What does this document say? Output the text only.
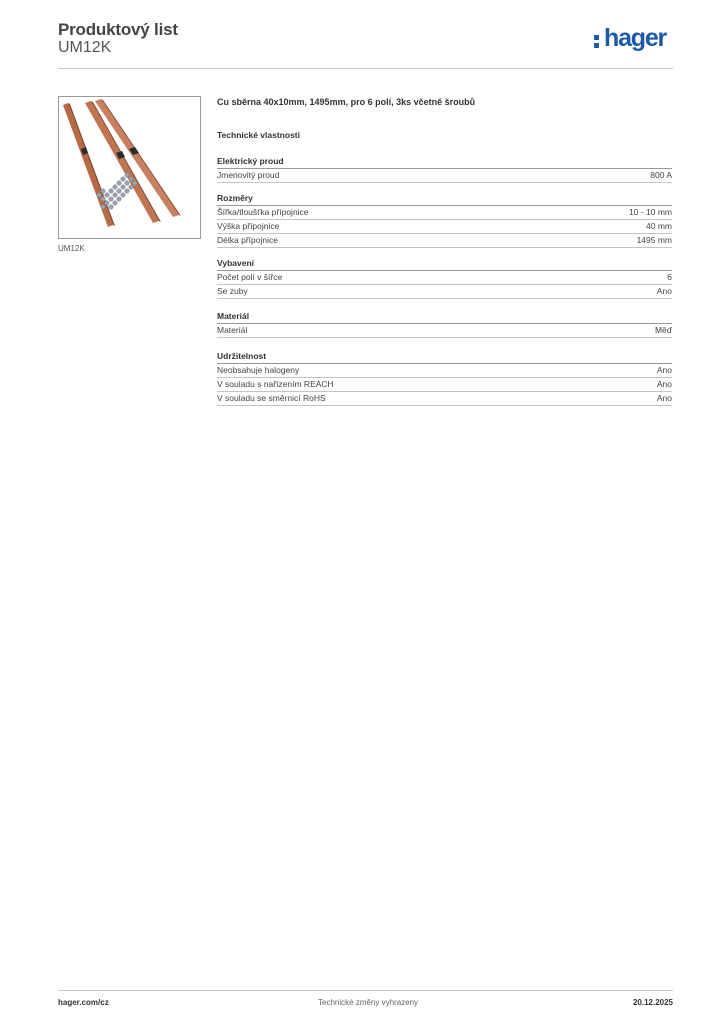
Produktový list
UM12K	hager
UM12K
Cu sběrna 40x10mm, 1495mm, pro 6 polí, 3ks včetně šroubů
Technické vlastnosti
Elektrický proud
Jmenovitý proud	800 A
Rozměry
Šířka/tloušťka přípojnice	10 - 10 mm
Výška přípojnice	40 mm
Délka přípojnice	1495 mm
Vybavení
Počet polí v šířce	6
Se zuby	Ano
Materiál
Materiál	Měď
Udržitelnost
Neobsahuje halogeny	Ano
V souladu s nařízením REACH	Ano
V souladu se směrnicí RoHS	Ano
hager.com/cz	Technické změny vyhrazeny	20.12.2025
